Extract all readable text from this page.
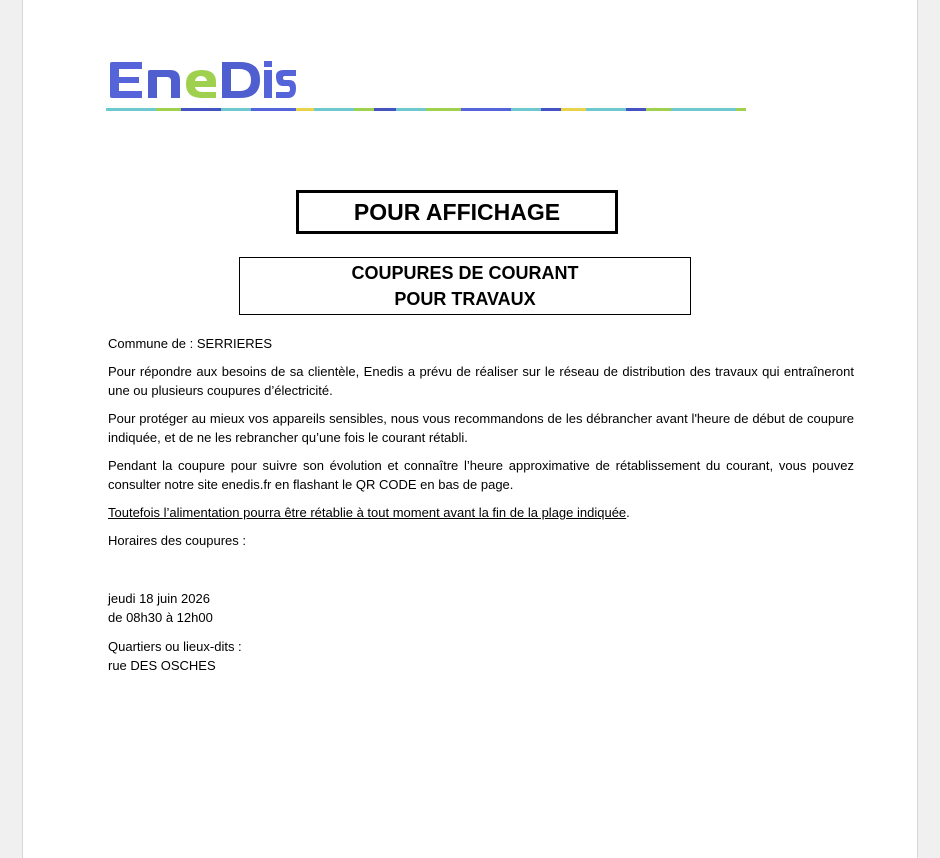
POUR AFFICHAGE
COUPURES DE COURANT
POUR TRAVAUX

Commune de : SERRIERES

Pour répondre aux besoins de sa clientèle, Enedis a prévu de réaliser sur le réseau de distribution des travaux qui entraîneront une ou plusieurs coupures d’électricité.

Pour protéger au mieux vos appareils sensibles, nous vous recommandons de les débrancher avant l'heure de début de coupure indiquée, et de ne les rebrancher qu’une fois le courant rétabli.

Pendant la coupure pour suivre son évolution et connaître l’heure approximative de rétablissement du courant, vous pouvez consulter notre site enedis.fr en flashant le QR CODE en bas de page.

Toutefois l’alimentation pourra être rétablie à tout moment avant la fin de la plage indiquée.

Horaires des coupures :

jeudi 18 juin 2026
de 08h30 à 12h00
Quartiers ou lieux-dits :
rue DES OSCHES
